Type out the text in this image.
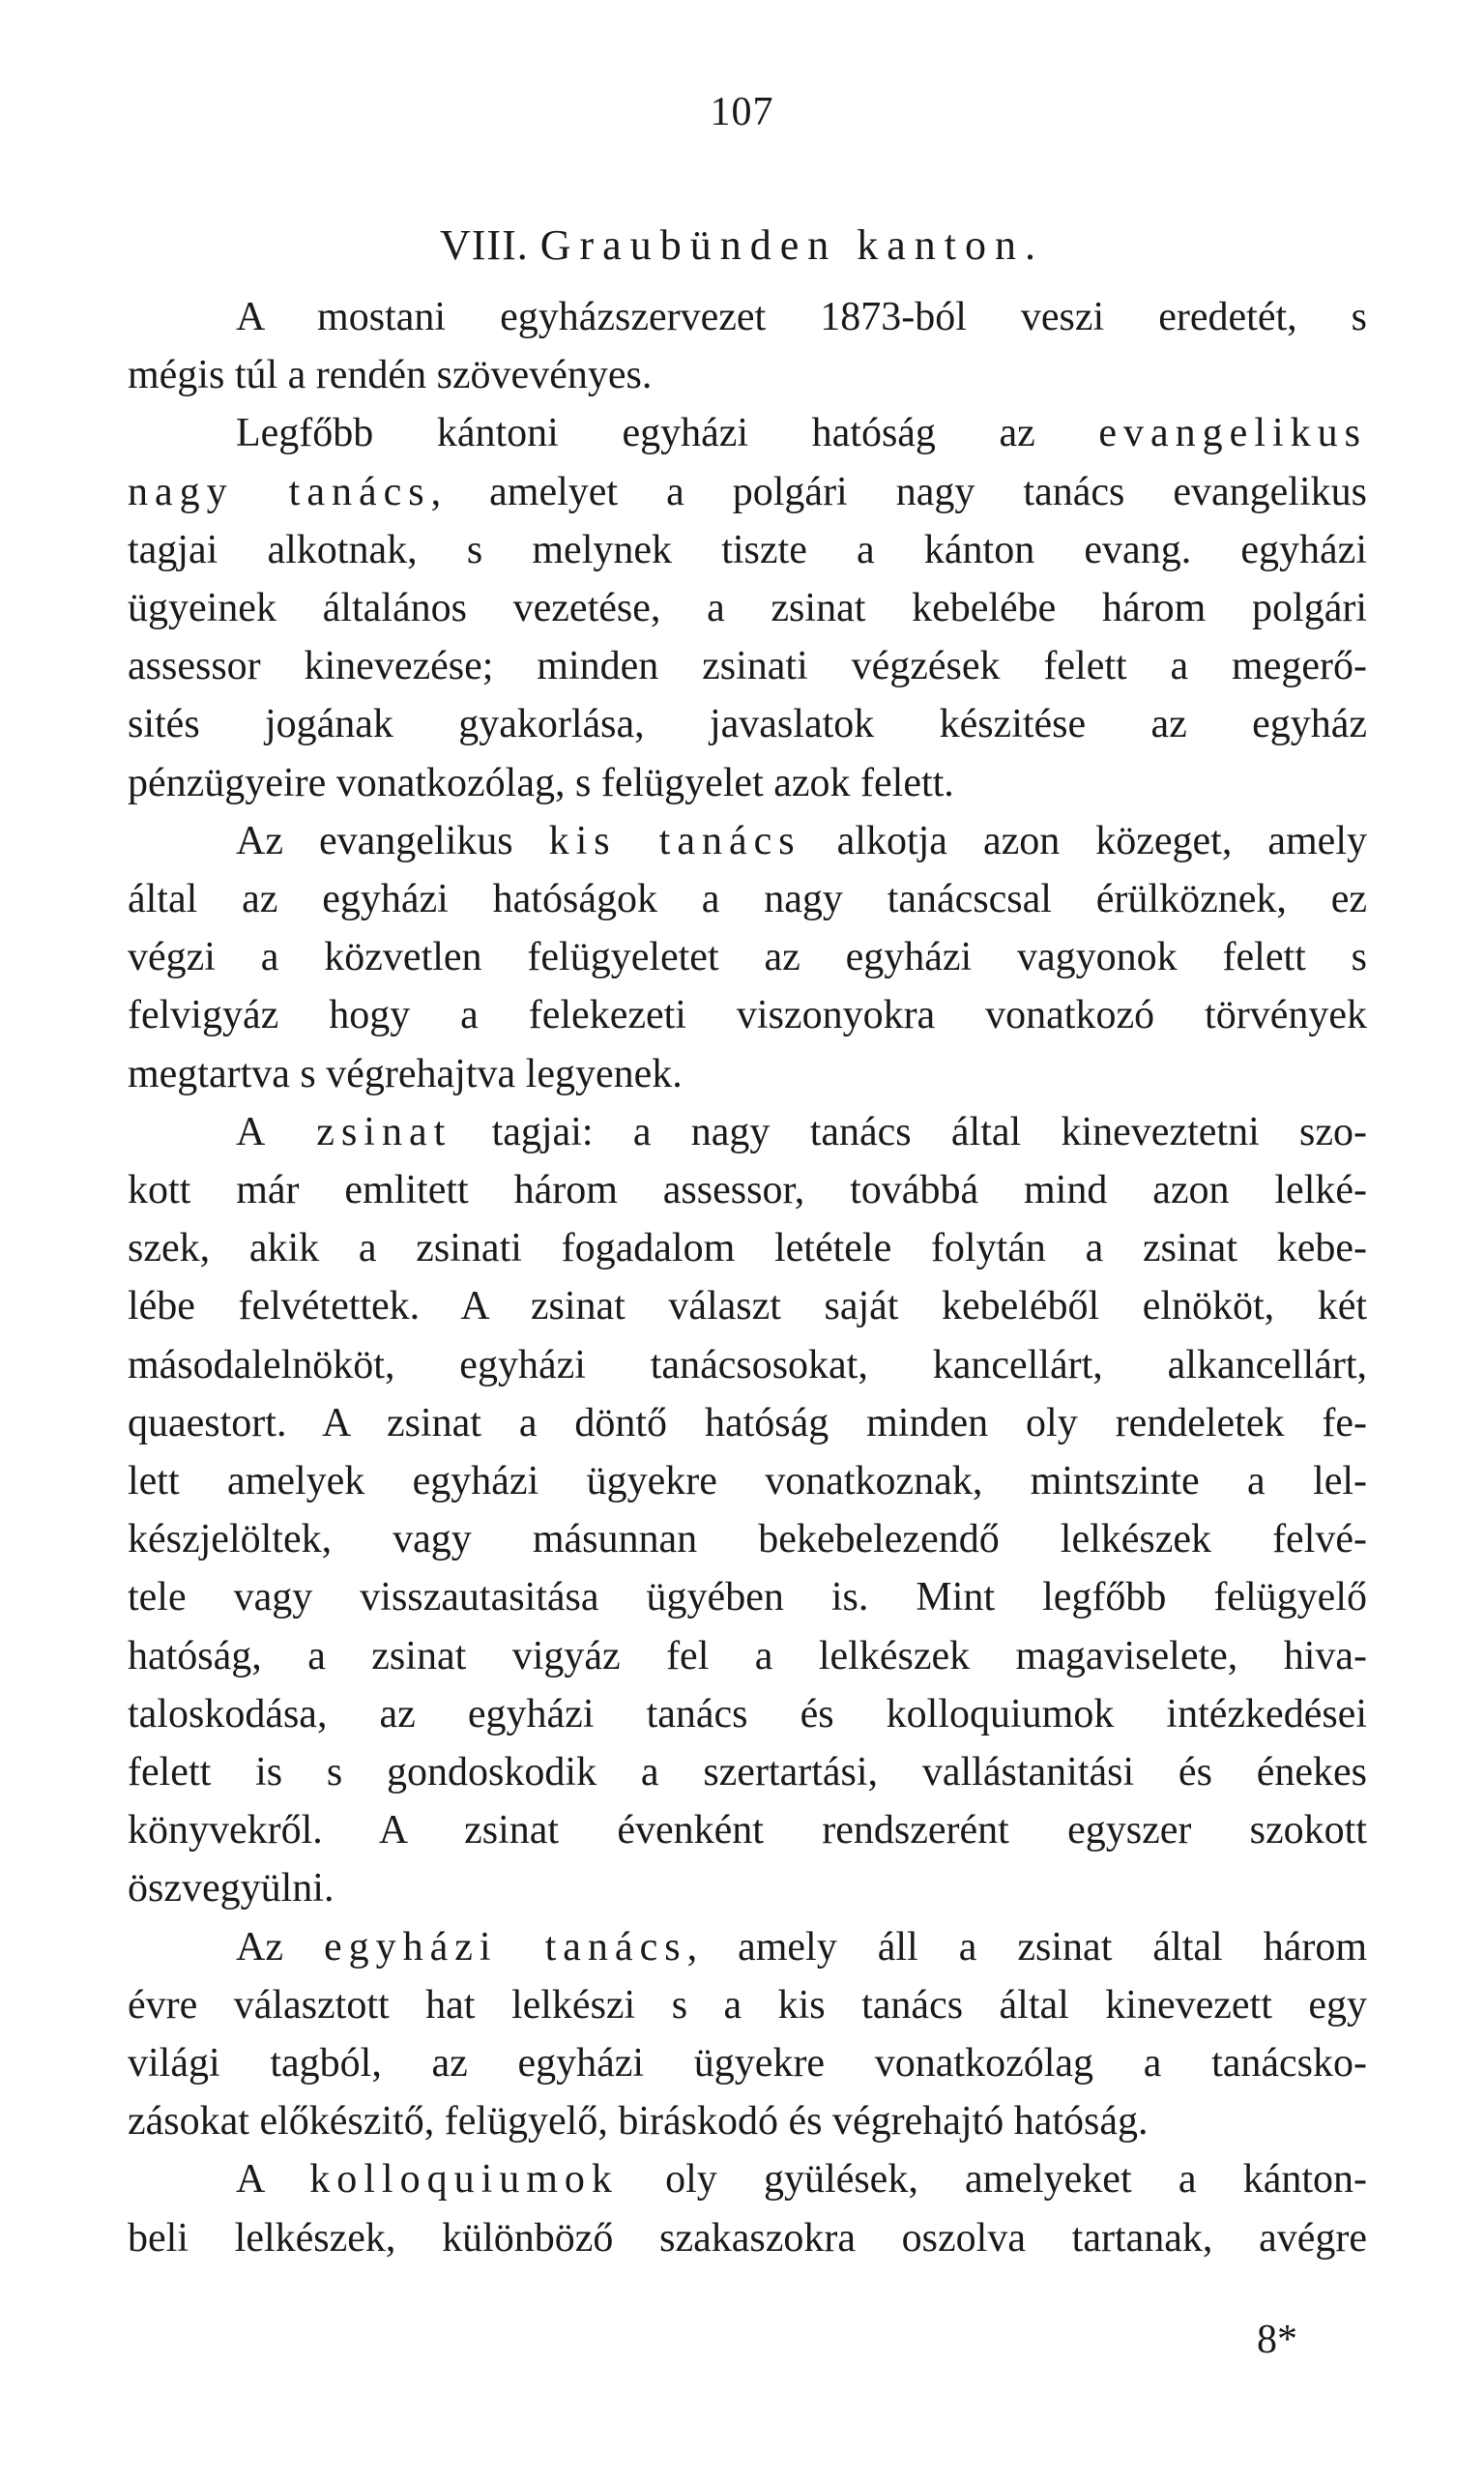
107
VIII. Graubünden kanton.
A mostani egyházszervezet 1873-ból veszi eredetét, s
mégis túl a rendén szövevényes.
Legfőbb kántoni egyházi hatóság az evangelikus
nagy tanács, amelyet a polgári nagy tanács evangelikus
tagjai alkotnak, s melynek tiszte a kánton evang. egyházi
ügyeinek általános vezetése, a zsinat kebelébe három polgári
assessor kinevezése; minden zsinati végzések felett a megerő-
sités jogának gyakorlása, javaslatok készitése az egyház
pénzügyeire vonatkozólag, s felügyelet azok felett.
Az evangelikus kis tanács alkotja azon közeget, amely
által az egyházi hatóságok a nagy tanácscsal érülköznek, ez
végzi a közvetlen felügyeletet az egyházi vagyonok felett s
felvigyáz hogy a felekezeti viszonyokra vonatkozó törvények
megtartva s végrehajtva legyenek.
A zsinat tagjai: a nagy tanács által kineveztetni szo-
kott már emlitett három assessor, továbbá mind azon lelké-
szek, akik a zsinati fogadalom letétele folytán a zsinat kebe-
lébe felvétettek. A zsinat választ saját kebeléből elnököt, két
másodalelnököt, egyházi tanácsosokat, kancellárt, alkancellárt,
quaestort. A zsinat a döntő hatóság minden oly rendeletek fe-
lett amelyek egyházi ügyekre vonatkoznak, mintszinte a lel-
készjelöltek, vagy másunnan bekebelezendő lelkészek felvé-
tele vagy visszautasitása ügyében is. Mint legfőbb felügyelő
hatóság, a zsinat vigyáz fel a lelkészek magaviselete, hiva-
taloskodása, az egyházi tanács és kolloquiumok intézkedései
felett is s gondoskodik a szertartási, vallástanitási és énekes
könyvekről. A zsinat évenként rendszerént egyszer szokott
öszvegyülni.
Az egyházi tanács, amely áll a zsinat által három
évre választott hat lelkészi s a kis tanács által kinevezett egy
világi tagból, az egyházi ügyekre vonatkozólag a tanácsko-
zásokat előkészitő, felügyelő, biráskodó és végrehajtó hatóság.
A kolloquiumok oly gyülések, amelyeket a kánton-
beli lelkészek, különböző szakaszokra oszolva tartanak, avégre
8*
